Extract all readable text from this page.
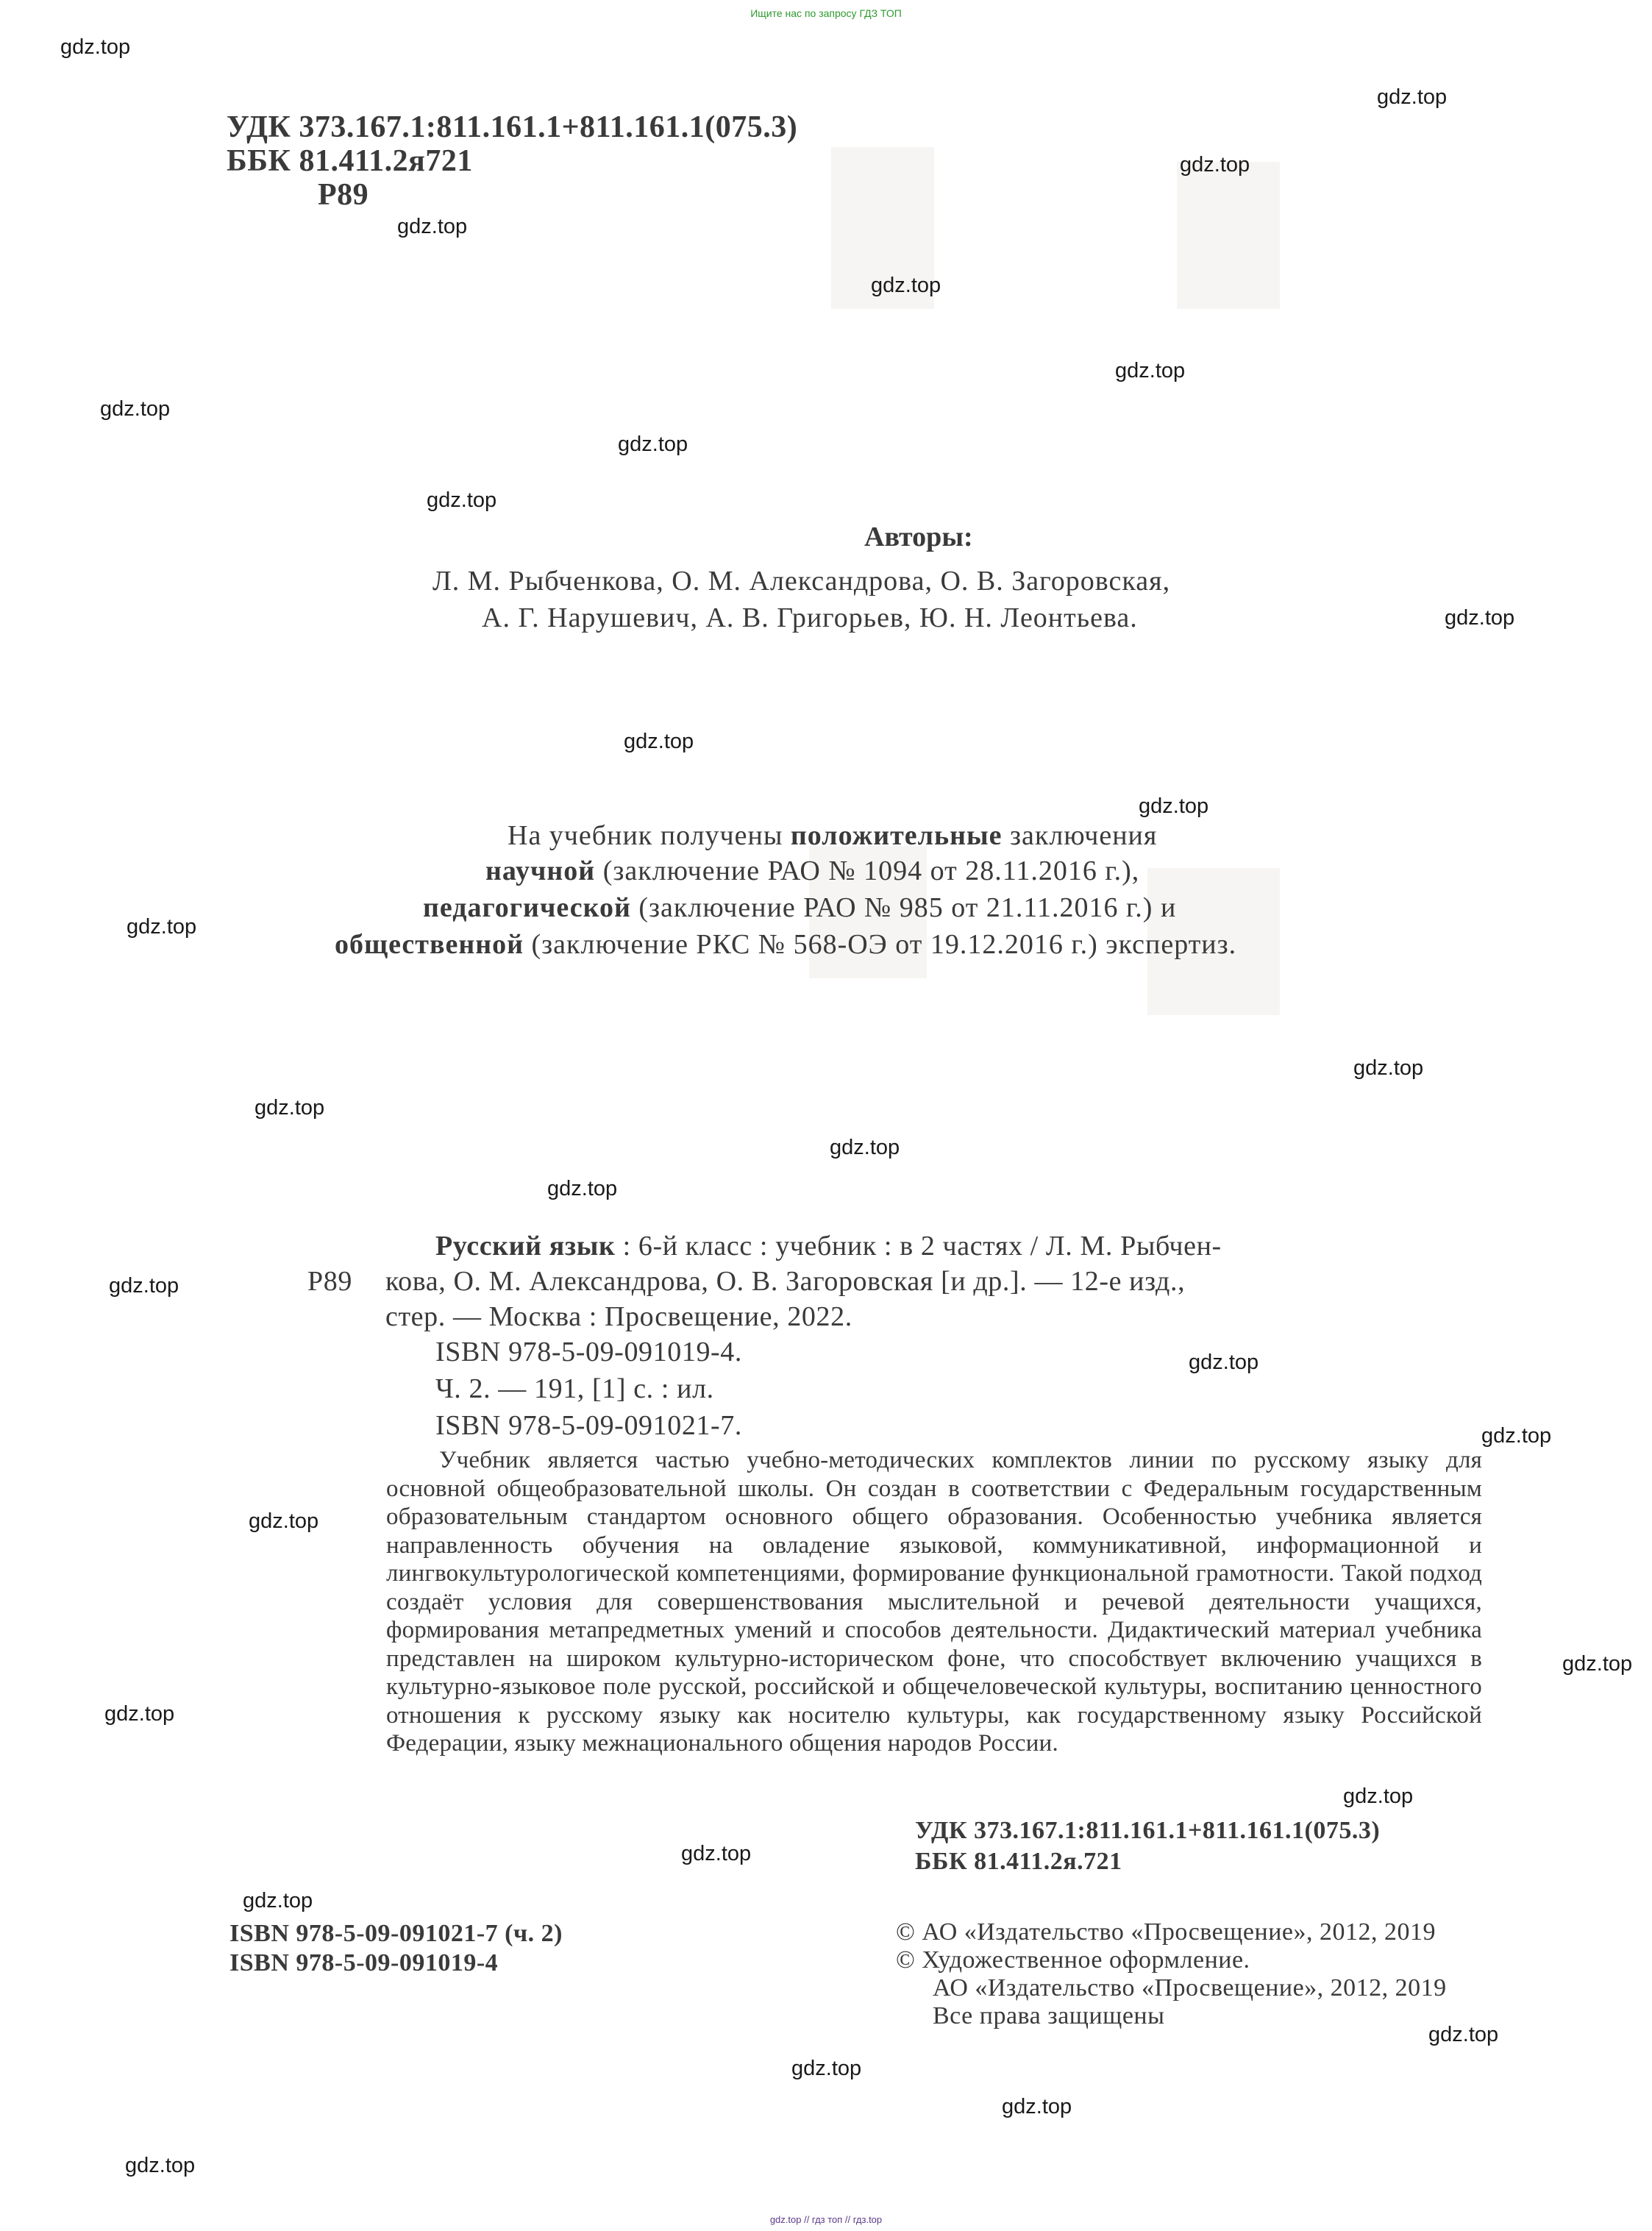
Ищите нас по запросу ГДЗ ТОП
gdz.top // гдз топ // гдз.top
УДК 373.167.1:811.161.1+811.161.1(075.3)
ББК 81.411.2я721
Р89
Авторы:
Л. М. Рыбченкова, О. М. Александрова, О. В. Загоровская,
А. Г. Нарушевич, А. В. Григорьев, Ю. Н. Леонтьева.
На учебник получены положительные заключения
научной (заключение РАО № 1094 от 28.11.2016 г.),
педагогической (заключение РАО № 985 от 21.11.2016 г.) и
общественной (заключение РКС № 568-ОЭ от 19.12.2016 г.) экспертиз.
Р89
Русский язык : 6-й класс : учебник : в 2 частях / Л. М. Рыбчен-
кова, О. М. Александрова, О. В. Загоровская [и др.]. — 12-е изд.,
стер. — Москва : Просвещение, 2022.
ISBN 978-5-09-091019-4.
Ч. 2. — 191, [1] с. : ил.
ISBN 978-5-09-091021-7.
Учебник является частью учебно-методических комплектов линии по русскому языку для основной общеобразовательной школы. Он создан в соответствии с Федеральным государственным образовательным стандартом основного общего образования. Особенностью учебника является направленность обучения на овладение языковой, коммуникативной, информационной и лингвокультурологической компетенциями, формирование функциональной грамотности. Такой подход создаёт условия для совершенствования мыслительной и речевой деятельности учащихся, формирования метапредметных умений и способов деятельности. Дидактический материал учебника представлен на широком культурно-историческом фоне, что способствует включению учащихся в культурно-языковое поле русской, российской и общечеловеческой культуры, воспитанию ценностного отношения к русскому языку как носителю культуры, как государственному языку Российской Федерации, языку межнационального общения народов России.
УДК 373.167.1:811.161.1+811.161.1(075.3)
ББК 81.411.2я.721
ISBN 978-5-09-091021-7 (ч. 2)
ISBN 978-5-09-091019-4
© АО «Издательство «Просвещение», 2012, 2019
© Художественное оформление.
АО «Издательство «Просвещение», 2012, 2019
Все права защищены
gdz.top
gdz.top
gdz.top
gdz.top
gdz.top
gdz.top
gdz.top
gdz.top
gdz.top
gdz.top
gdz.top
gdz.top
gdz.top
gdz.top
gdz.top
gdz.top
gdz.top
gdz.top
gdz.top
gdz.top
gdz.top
gdz.top
gdz.top
gdz.top
gdz.top
gdz.top
gdz.top
gdz.top
gdz.top
gdz.top
